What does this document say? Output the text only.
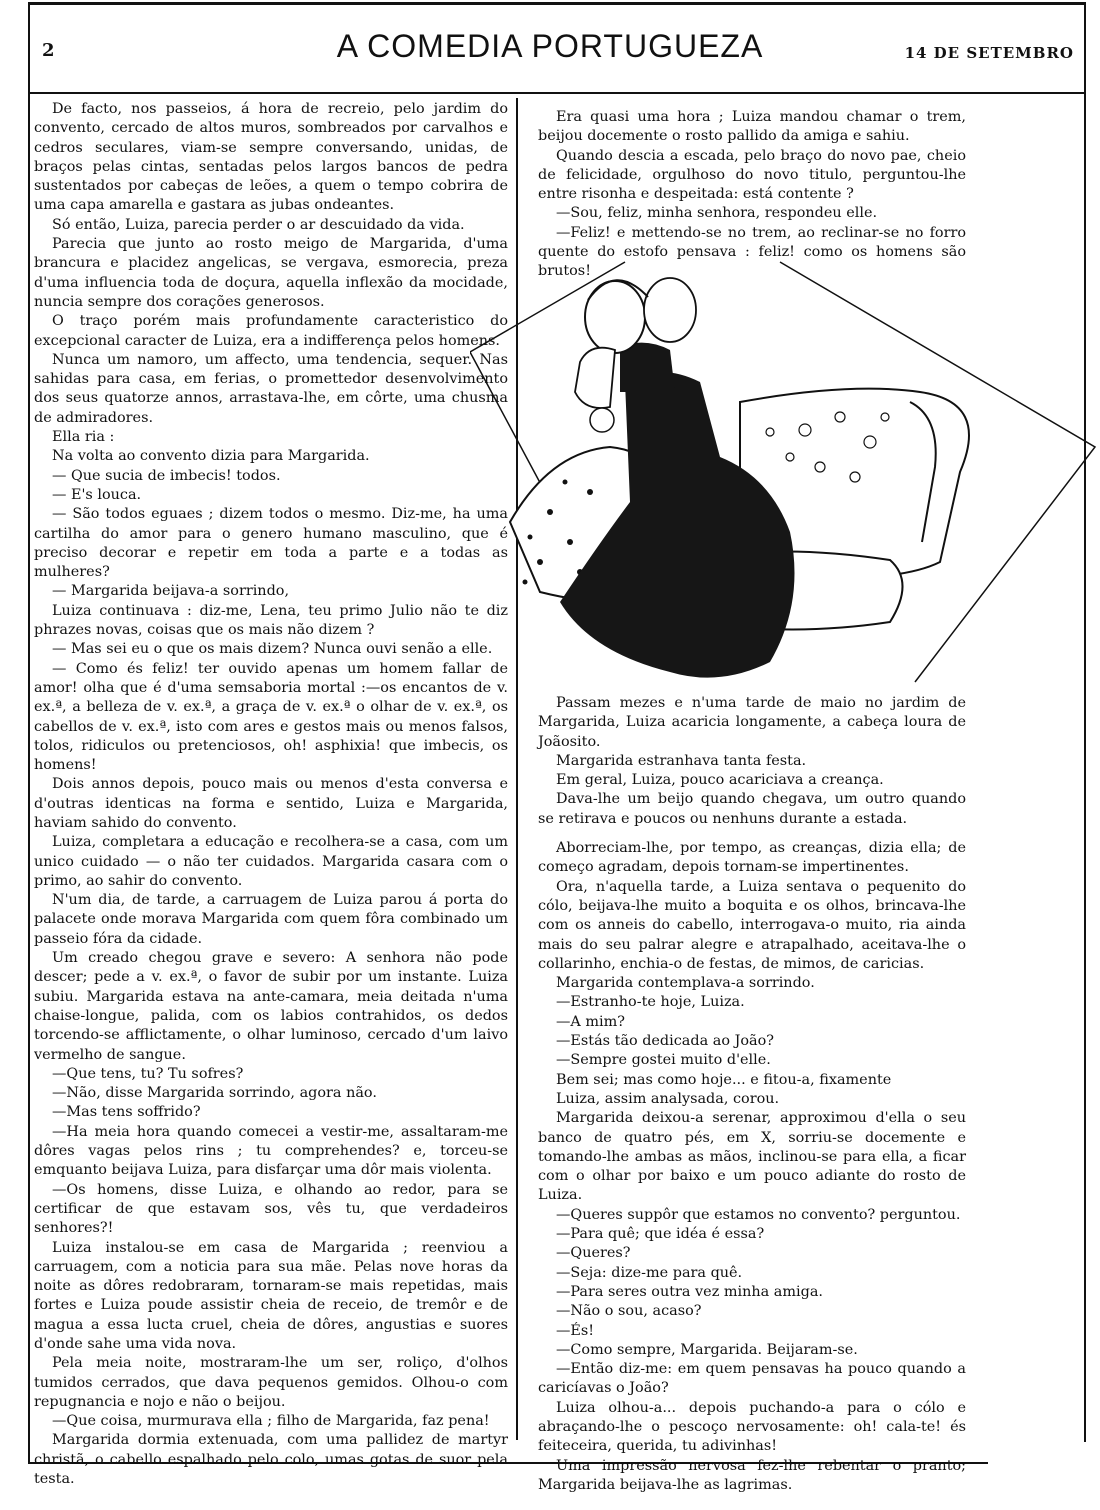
2	A COMEDIA PORTUGUEZA	14 DE SETEMBRO

De facto, nos passeios, á hora de recreio, pelo jardim do convento, cercado de altos muros, sombreados por carvalhos e cedros seculares, viam-se sempre conversando, unidas, de braços pelas cintas, sentadas pelos largos bancos de pedra sustentados por cabeças de leões, a quem o tempo cobrira de uma capa amarella e gastara as jubas ondeantes.

Só então, Luiza, parecia perder o ar descuidado da vida.

Parecia que junto ao rosto meigo de Margarida, d'uma brancura e placidez angelicas, se vergava, esmorecia, preza d'uma influencia toda de doçura, aquella inflexão da mocidade, nuncia sempre dos corações generosos.

O traço porém mais profundamente caracteristico do excepcional caracter de Luiza, era a indifferença pelos homens.

Nunca um namoro, um affecto, uma tendencia, sequer. Nas sahidas para casa, em ferias, o promettedor desenvolvimento dos seus quatorze annos, arrastava-lhe, em côrte, uma chusma de admiradores.

Ella ria :

Na volta ao convento dizia para Margarida.

— Que sucia de imbecis! todos.

— E's louca.

— São todos eguaes ; dizem todos o mesmo. Diz-me, ha uma cartilha do amor para o genero humano masculino, que é preciso decorar e repetir em toda a parte e a todas as mulheres?

— Margarida beijava-a sorrindo,

Luiza continuava : diz-me, Lena, teu primo Julio não te diz phrazes novas, coisas que os mais não dizem ?

— Mas sei eu o que os mais dizem? Nunca ouvi senão a elle.

— Como és feliz! ter ouvido apenas um homem fallar de amor! olha que é d'uma semsaboria mortal :—os encantos de v. ex.ª, a belleza de v. ex.ª, a graça de v. ex.ª o olhar de v. ex.ª, os cabellos de v. ex.ª, isto com ares e gestos mais ou menos falsos, tolos, ridiculos ou pretenciosos, oh! asphixia! que imbecis, os homens!

Dois annos depois, pouco mais ou menos d'esta conversa e d'outras identicas na forma e sentido, Luiza e Margarida, haviam sahido do convento.

Luiza, completara a educação e recolhera-se a casa, com um unico cuidado — o não ter cuidados. Margarida casara com o primo, ao sahir do convento.

N'um dia, de tarde, a carruagem de Luiza parou á porta do palacete onde morava Margarida com quem fôra combinado um passeio fóra da cidade.

Um creado chegou grave e severo: A senhora não pode descer; pede a v. ex.ª, o favor de subir por um instante. Luiza subiu. Margarida estava na ante-camara, meia deitada n'uma chaise-longue, palida, com os labios contrahidos, os dedos torcendo-se afflictamente, o olhar luminoso, cercado d'um laivo vermelho de sangue.

—Que tens, tu? Tu sofres?

—Não, disse Margarida sorrindo, agora não.

—Mas tens soffrido?

—Ha meia hora quando comecei a vestir-me, assaltaram-me dôres vagas pelos rins ; tu comprehendes? e, torceu-se emquanto beijava Luiza, para disfarçar uma dôr mais violenta.

—Os homens, disse Luiza, e olhando ao redor, para se certificar de que estavam sos, vês tu, que verdadeiros senhores?!

Luiza instalou-se em casa de Margarida ; reenviou a carruagem, com a noticia para sua mãe. Pelas nove horas da noite as dôres redobraram, tornaram-se mais repetidas, mais fortes e Luiza poude assistir cheia de receio, de tremôr e de magua a essa lucta cruel, cheia de dôres, angustias e suores d'onde sahe uma vida nova.

Pela meia noite, mostraram-lhe um ser, roliço, d'olhos tumidos cerrados, que dava pequenos gemidos. Olhou-o com repugnancia e nojo e não o beijou.

—Que coisa, murmurava ella ; filho de Margarida, faz pena!

Margarida dormia extenuada, com uma pallidez de martyr christã, o cabello espalhado pelo colo, umas gotas de suor pela testa.

Era quasi uma hora ; Luiza mandou chamar o trem, beijou docemente o rosto pallido da amiga e sahiu.

Quando descia a escada, pelo braço do novo pae, cheio de felicidade, orgulhoso do novo titulo, perguntou-lhe entre risonha e despeitada: está contente ?

—Sou, feliz, minha senhora, respondeu elle.

—Feliz! e mettendo-se no trem, ao reclinar-se no forro quente do estofo pensava : feliz! como os homens são brutos!

Passam mezes e n'uma tarde de maio no jardim de Margarida, Luiza acaricia longamente, a cabeça loura de Joãosito.

Margarida estranhava tanta festa.

Em geral, Luiza, pouco acariciava a creança.

Dava-lhe um beijo quando chegava, um outro quando se retirava e poucos ou nenhuns durante a estada.

Aborreciam-lhe, por tempo, as creanças, dizia ella; de começo agradam, depois tornam-se impertinentes.

Ora, n'aquella tarde, a Luiza sentava o pequenito do cólo, beijava-lhe muito a boquita e os olhos, brincava-lhe com os anneis do cabello, interrogava-o muito, ria ainda mais do seu palrar alegre e atrapalhado, aceitava-lhe o collarinho, enchia-o de festas, de mimos, de caricias.

Margarida contemplava-a sorrindo.

—Estranho-te hoje, Luiza.

—A mim?

—Estás tão dedicada ao João?

—Sempre gostei muito d'elle.

Bem sei; mas como hoje... e fitou-a, fixamente

Luiza, assim analysada, corou.

Margarida deixou-a serenar, approximou d'ella o seu banco de quatro pés, em X, sorriu-se docemente e tomando-lhe ambas as mãos, inclinou-se para ella, a ficar com o olhar por baixo e um pouco adiante do rosto de Luiza.

—Queres suppôr que estamos no convento? perguntou.

—Para quê; que idéa é essa?

—Queres?

—Seja: dize-me para quê.

—Para seres outra vez minha amiga.

—Não o sou, acaso?

—És!

—Como sempre, Margarida. Beijaram-se.

—Então diz-me: em quem pensavas ha pouco quando a caricíavas o João?

Luiza olhou-a... depois puchando-a para o cólo e abraçando-lhe o pescoço nervosamente: oh! cala-te! és feiteceira, querida, tu adivinhas!

Uma impressão nervosa fez-lhe rebentar o pranto; Margarida beijava-lhe as lagrimas.
